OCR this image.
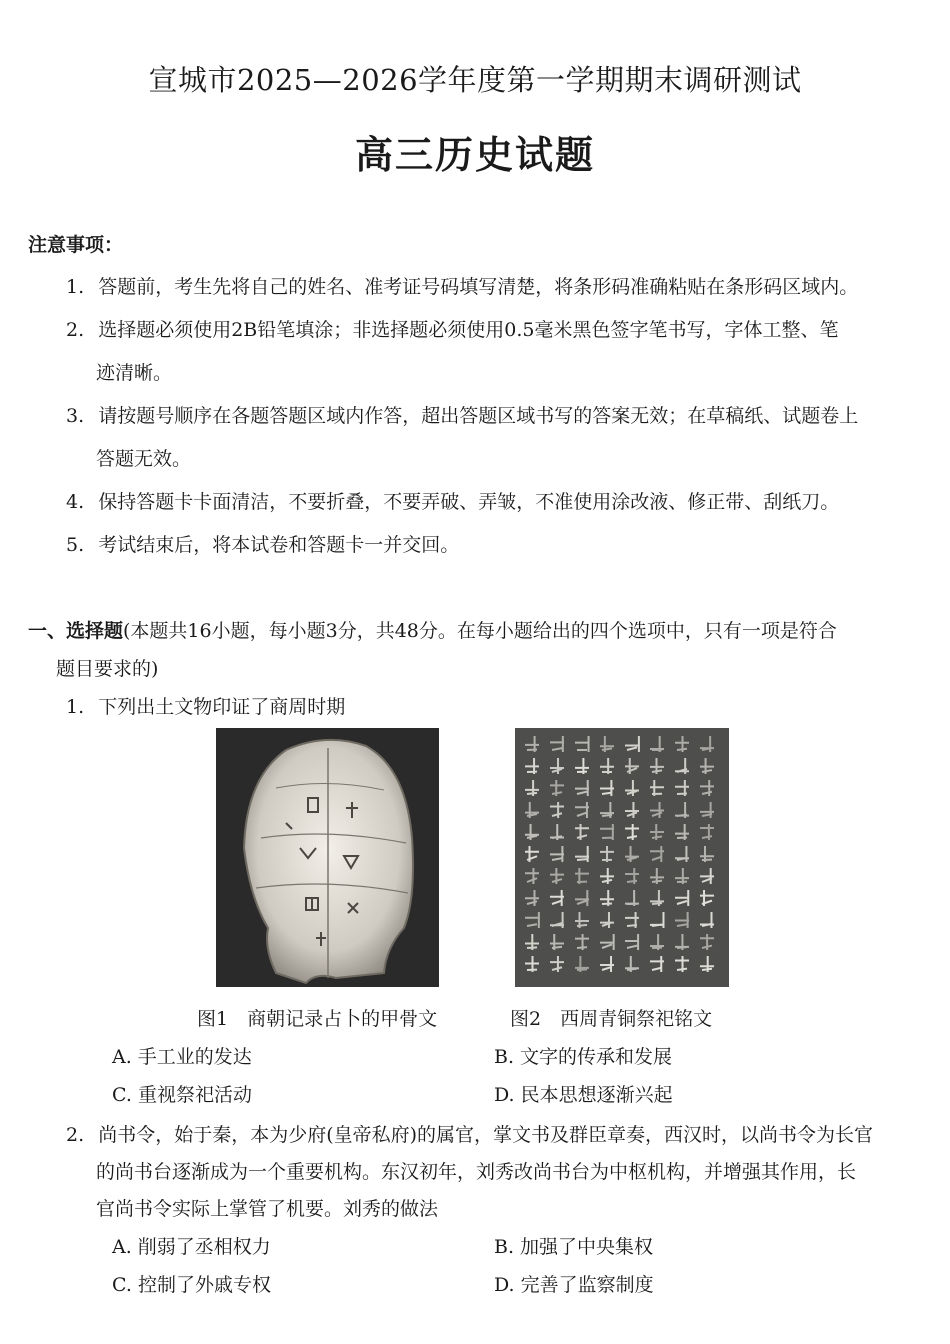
宣城市2025—2026学年度第一学期期末调研测试
高三历史试题
注意事项：
1. 答题前，考生先将自己的姓名、准考证号码填写清楚，将条形码准确粘贴在条形码区域内。
2. 选择题必须使用2B铅笔填涂；非选择题必须使用0.5毫米黑色签字笔书写，字体工整、笔
迹清晰。
3. 请按题号顺序在各题答题区域内作答，超出答题区域书写的答案无效；在草稿纸、试题卷上
答题无效。
4. 保持答题卡卡面清洁，不要折叠，不要弄破、弄皱，不准使用涂改液、修正带、刮纸刀。
5. 考试结束后，将本试卷和答题卡一并交回。
一、选择题(本题共16小题，每小题3分，共48分。在每小题给出的四个选项中，只有一项是符合
题目要求的)
1. 下列出土文物印证了商周时期
图1　商朝记录占卜的甲骨文	图2　西周青铜祭祀铭文
A. 手工业的发达	B. 文字的传承和发展
C. 重视祭祀活动	D. 民本思想逐渐兴起
2. 尚书令，始于秦，本为少府(皇帝私府)的属官，掌文书及群臣章奏，西汉时，以尚书令为长官
的尚书台逐渐成为一个重要机构。东汉初年，刘秀改尚书台为中枢机构，并增强其作用，长
官尚书令实际上掌管了机要。刘秀的做法
A. 削弱了丞相权力	B. 加强了中央集权
C. 控制了外戚专权	D. 完善了监察制度
